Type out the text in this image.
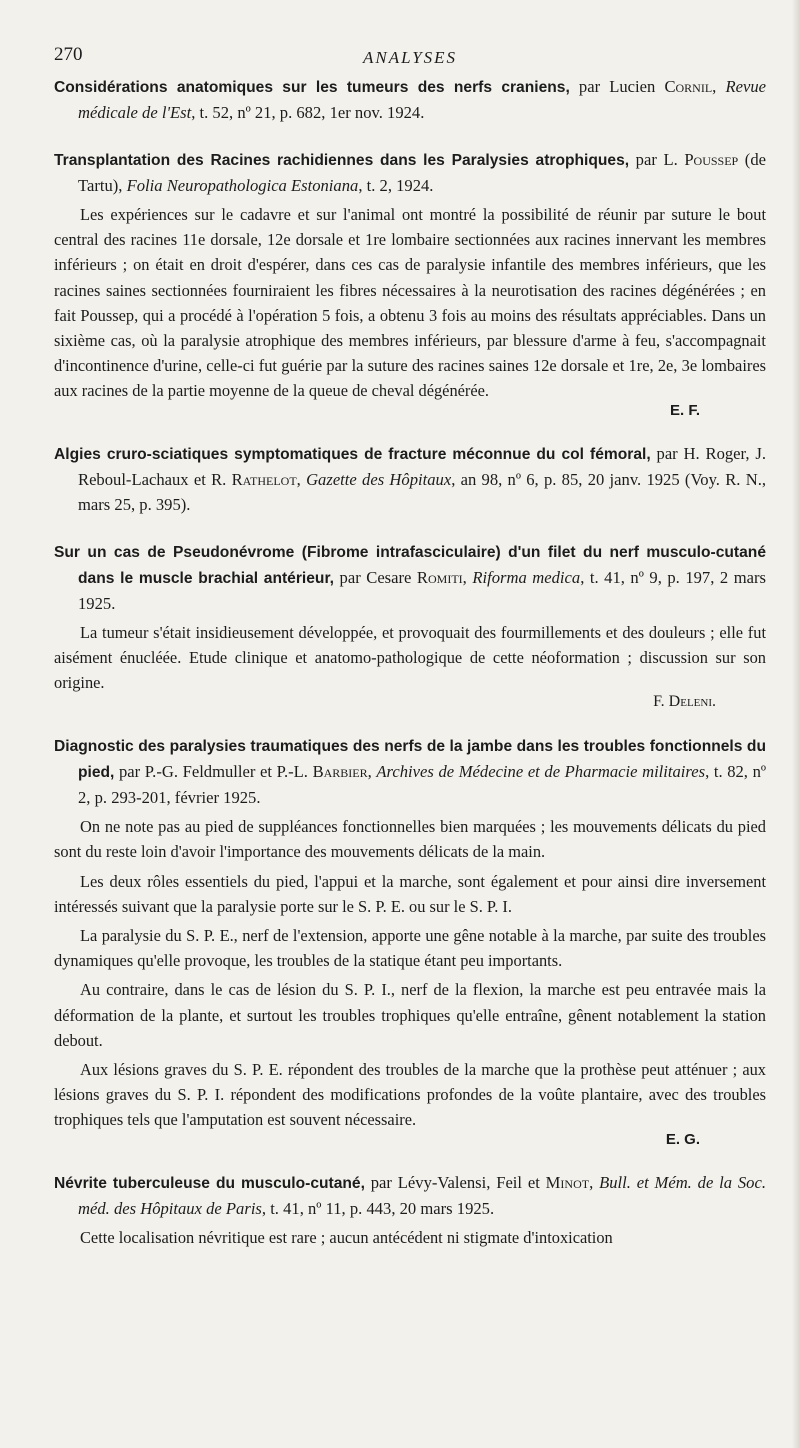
270	ANALYSES

Considérations anatomiques sur les tumeurs des nerfs craniens, par Lucien Cornil, Revue médicale de l'Est, t. 52, nº 21, p. 682, 1er nov. 1924.

Transplantation des Racines rachidiennes dans les Paralysies atrophiques, par L. Poussep (de Tartu), Folia Neuropathologica Estoniana, t. 2, 1924.

Les expériences sur le cadavre et sur l'animal ont montré la possibilité de réunir par suture le bout central des racines 11e dorsale, 12e dorsale et 1re lombaire sectionnées aux racines innervant les membres inférieurs ; on était en droit d'espérer, dans ces cas de paralysie infantile des membres inférieurs, que les racines saines sectionnées fourniraient les fibres nécessaires à la neurotisation des racines dégénérées ; en fait Poussep, qui a procédé à l'opération 5 fois, a obtenu 3 fois au moins des résultats appréciables. Dans un sixième cas, où la paralysie atrophique des membres inférieurs, par blessure d'arme à feu, s'accompagnait d'incontinence d'urine, celle-ci fut guérie par la suture des racines saines 12e dorsale et 1re, 2e, 3e lombaires aux racines de la partie moyenne de la queue de cheval dégénérée.

E. F.

Algies cruro-sciatiques symptomatiques de fracture méconnue du col fémoral, par H. Roger, J. Reboul-Lachaux et R. Rathelot, Gazette des Hôpitaux, an 98, nº 6, p. 85, 20 janv. 1925 (Voy. R. N., mars 25, p. 395).

Sur un cas de Pseudonévrome (Fibrome intrafasciculaire) d'un filet du nerf musculo-cutané dans le muscle brachial antérieur, par Cesare Romiti, Riforma medica, t. 41, nº 9, p. 197, 2 mars 1925.

La tumeur s'était insidieusement développée, et provoquait des fourmillements et des douleurs ; elle fut aisément énucléée. Etude clinique et anatomo-pathologique de cette néoformation ; discussion sur son origine.

F. Deleni.

Diagnostic des paralysies traumatiques des nerfs de la jambe dans les troubles fonctionnels du pied, par P.-G. Feldmuller et P.-L. Barbier, Archives de Médecine et de Pharmacie militaires, t. 82, nº 2, p. 293-201, février 1925.

On ne note pas au pied de suppléances fonctionnelles bien marquées ; les mouvements délicats du pied sont du reste loin d'avoir l'importance des mouvements délicats de la main.

Les deux rôles essentiels du pied, l'appui et la marche, sont également et pour ainsi dire inversement intéressés suivant que la paralysie porte sur le S. P. E. ou sur le S. P. I.

La paralysie du S. P. E., nerf de l'extension, apporte une gêne notable à la marche, par suite des troubles dynamiques qu'elle provoque, les troubles de la statique étant peu importants.

Au contraire, dans le cas de lésion du S. P. I., nerf de la flexion, la marche est peu entravée mais la déformation de la plante, et surtout les troubles trophiques qu'elle entraîne, gênent notablement la station debout.

Aux lésions graves du S. P. E. répondent des troubles de la marche que la prothèse peut atténuer ; aux lésions graves du S. P. I. répondent des modifications profondes de la voûte plantaire, avec des troubles trophiques tels que l'amputation est souvent nécessaire.

E. G.

Névrite tuberculeuse du musculo-cutané, par Lévy-Valensi, Feil et Minot, Bull. et Mém. de la Soc. méd. des Hôpitaux de Paris, t. 41, nº 11, p. 443, 20 mars 1925.

Cette localisation névritique est rare ; aucun antécédent ni stigmate d'intoxication
